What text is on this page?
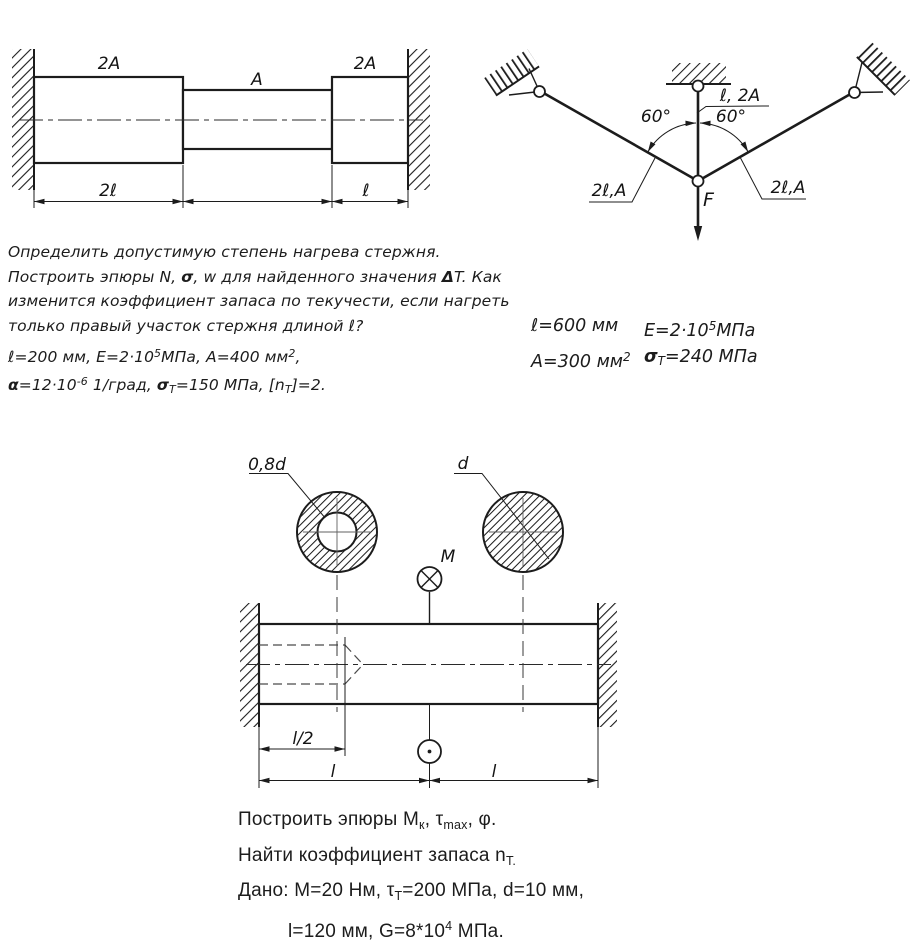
2A
A
2A
2ℓ	ℓ
60°	60°
ℓ, 2A
2ℓ,A	2ℓ,A
F
0,8d	d
M
l/2
l	l
Определить допустимую степень нагрева стержня.
Построить эпюры N, σ, w для найденного значения ΔT. Как
изменится коэффициент запаса по текучести, если нагреть
только правый участок стержня длиной ℓ?
ℓ=200 мм, $E=2\cdot 10^5МПа$, A=400 $мм^2$,
$\alpha=12\cdot 10^{-6}$ 1/град, $\sigma_Т=150$ МПа, $[n_Т]=2$.
ℓ=600 мм	$E=2\cdot 10^5МПа$
A=300 $мм^2$ $\sigma_Т=240$ МПа
Построить эпюры $M_к$, $\tau_{max}$, φ.
Найти коэффициент запаса $n_{Т.}$
Дано: M=20 Нм, $\tau_Т=200$ МПа, d=10 мм,
l=120 мм, $G=8*10^4$ МПа.
